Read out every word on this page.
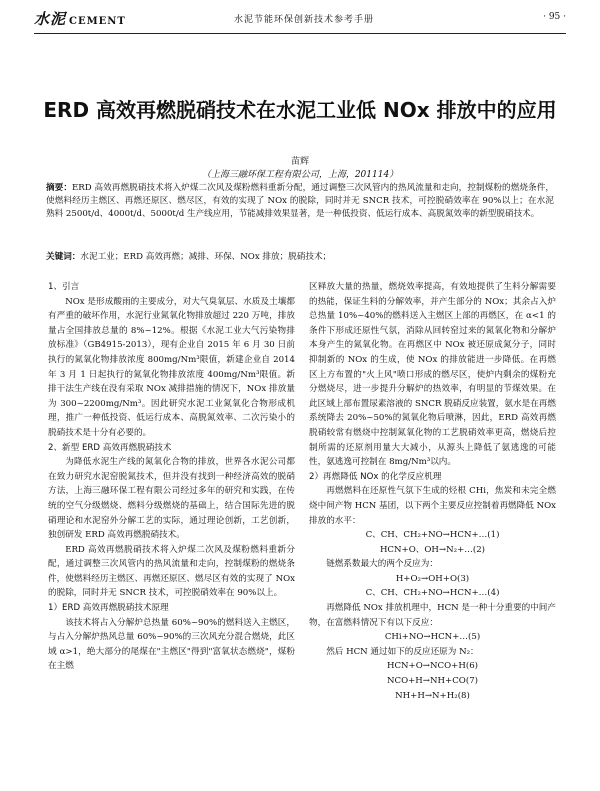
水泥 CEMENT	水泥节能环保创新技术参考手册	· 95 ·
ERD 高效再燃脱硝技术在水泥工业低 NOx 排放中的应用
苗辉
（上海三融环保工程有限公司，上海，201114）
摘要：ERD 高效再燃脱硝技术将入炉煤二次风及煤粉燃料重新分配，通过调整三次风管内的热风流量和走向，控制煤粉的燃烧条件，使燃料经历主燃区、再燃还原区、燃尽区，有效的实现了 NOx 的脱除，同时并无 SNCR 技术，可控脱硝效率在 90%以上；在水泥熟料 2500t/d、4000t/d、5000t/d 生产线应用，节能减排效果显著，是一种低投资、低运行成本、高脱氮效率的新型脱硝技术。
关键词：水泥工业；ERD 高效再燃；减排、环保、NOx 排放；脱硝技术；

1、引言

NOx 是形成酸雨的主要成分，对大气臭氧层、水质及土壤都有严重的破坏作用，水泥行业氮氧化物排放超过 220 万吨，排放量占全国排放总量的 8%~12%。根据《水泥工业大气污染物排放标准》（GB4915-2013），现有企业自 2015 年 6 月 30 日前执行的氮氧化物排放浓度 800mg/Nm³限值，新建企业自 2014 年 3 月 1 日起执行的氮氧化物排放浓度 400mg/Nm³限值。新排干法生产线在没有采取 NOx 减排措施的情况下，NOx 排放量为 300~2200mg/Nm³。因此研究水泥工业氮氧化合物形成机理，推广一种低投资、低运行成本、高脱氮效率、二次污染小的脱硝技术是十分有必要的。

2、新型 ERD 高效再燃脱硝技术

为降低水泥生产线的氮氧化合物的排放，世界各水泥公司都在致力研究水泥窑脱氮技术，但并没有找到一种经济高效的脱硝方法，上海三融环保工程有限公司经过多年的研究和实践，在传统的空气分级燃烧、燃料分级燃烧的基础上，结合国际先进的脱硝理论和水泥窑外分解工艺的实际，通过理论创新，工艺创新，独创研发 ERD 高效再燃脱硝技术。

ERD 高效再燃脱硝技术将入炉煤二次风及煤粉燃料重新分配，通过调整三次风管内的热风流量和走向，控制煤粉的燃烧条件，使燃料经历主燃区、再燃还原区、燃尽区有效的实现了 NOx 的脱除，同时并无 SNCR 技术，可控脱硝效率在 90%以上。

1）ERD 高效再燃脱硝技术原理

该技术将占入分解炉总热量 60%~90%的燃料送入主燃区，与占入分解炉热风总量 60%~90%的三次风充分混合燃烧，此区域 α>1，绝大部分的尾煤在"主燃区"得到"富氧状态燃烧"，煤粉在主燃

区释放大量的热量，燃烧效率提高，有效地提供了生料分解需要的热能，保证生料的分解效率，并产生部分的 NOx；其余占入炉总热量 10%~40%的燃料送入主燃区上部的再燃区，在 α<1 的条件下形成还原性气氛，消除从回转窑过来的氮氧化物和分解炉本身产生的氮氧化物。在再燃区中 NOx 被还原成氮分子，同时抑制新的 NOx 的生成，使 NOx 的排放能进一步降低。在再燃区上方布置的"火上风"喷口形成的燃尽区，使炉内剩余的煤粉充分燃烧尽，进一步提升分解炉的热效率，有明显的节煤效果。在此区域上部布置尿素溶液的 SNCR 脱硝反应装置，氨水是在再燃系统降去 20%~50%的氮氧化物后喷淋，因此，ERD 高效再燃脱硝较常有燃烧中控制氮氧化物的工艺脱硝效率更高，燃烧后控制所需的还原剂用量大大减小，从源头上降低了氨逃逸的可能性，氨逃逸可控制在 8mg/Nm³以内。

2）再燃降低 NOx 的化学反应机理

再燃燃料在还原性气氛下生成的烃根 CHi，焦炭和未完全燃烧中间产物 HCN 基团，以下两个主要反应控制着再燃降低 NOx 排放的水平：

C、CH、CH₂+NO→HCN+…(1)

HCN+O、OH→N₂+…(2)

链燃系数最大的两个反应为：

H+O₂→OH+O(3)

C、CH、CH₂+NO→HCN+…(4)

再燃降低 NOx 排放机理中，HCN 是一种十分重要的中间产物，在富燃料情况下有以下反应：

CHi+NO→HCN+…(5)

然后 HCN 通过如下的反应还原为 N₂：

HCN+O→NCO+H(6)

NCO+H→NH+CO(7)

NH+H→N+H₂(8)
